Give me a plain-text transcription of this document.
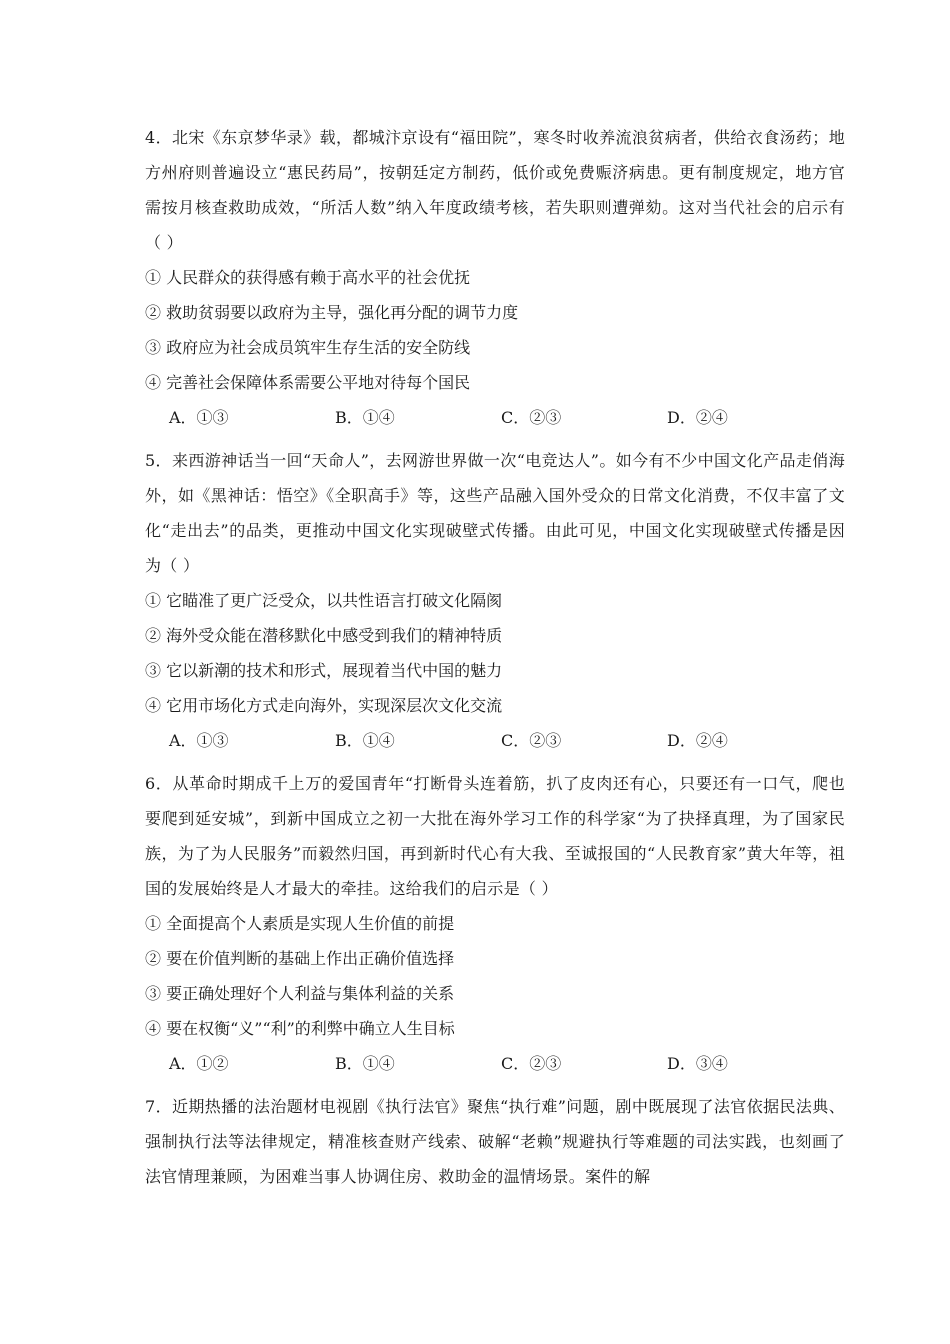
4．北宋《东京梦华录》载，都城汴京设有“福田院”，寒冬时收养流浪贫病者，供给衣食汤药；地方州府则普遍设立“惠民药局”，按朝廷定方制药，低价或免费赈济病患。更有制度规定，地方官需按月核查救助成效，“所活人数”纳入年度政绩考核，若失职则遭弹劾。这对当代社会的启示有（ ）

① 人民群众的获得感有赖于高水平的社会优抚

② 救助贫弱要以政府为主导，强化再分配的调节力度

③ 政府应为社会成员筑牢生存生活的安全防线

④ 完善社会保障体系需要公平地对待每个国民

A．①③	B．①④	C．②③	D．②④

5．来西游神话当一回“天命人”，去网游世界做一次“电竞达人”。如今有不少中国文化产品走俏海外，如《黑神话：悟空》《全职高手》等，这些产品融入国外受众的日常文化消费，不仅丰富了文化“走出去”的品类，更推动中国文化实现破壁式传播。由此可见，中国文化实现破壁式传播是因为（ ）

① 它瞄准了更广泛受众，以共性语言打破文化隔阂

② 海外受众能在潜移默化中感受到我们的精神特质

③ 它以新潮的技术和形式，展现着当代中国的魅力

④ 它用市场化方式走向海外，实现深层次文化交流

A．①③	B．①④	C．②③	D．②④

6．从革命时期成千上万的爱国青年“打断骨头连着筋，扒了皮肉还有心，只要还有一口气，爬也要爬到延安城”，到新中国成立之初一大批在海外学习工作的科学家“为了抉择真理，为了国家民族，为了为人民服务”而毅然归国，再到新时代心有大我、至诚报国的“人民教育家”黄大年等，祖国的发展始终是人才最大的牵挂。这给我们的启示是（ ）

① 全面提高个人素质是实现人生价值的前提

② 要在价值判断的基础上作出正确价值选择

③ 要正确处理好个人利益与集体利益的关系

④ 要在权衡“义”“利”的利弊中确立人生目标

A．①②	B．①④	C．②③	D．③④

7．近期热播的法治题材电视剧《执行法官》聚焦“执行难”问题，剧中既展现了法官依据民法典、强制执行法等法律规定，精准核查财产线索、破解“老赖”规避执行等难题的司法实践，也刻画了法官情理兼顾，为困难当事人协调住房、救助金的温情场景。案件的解
